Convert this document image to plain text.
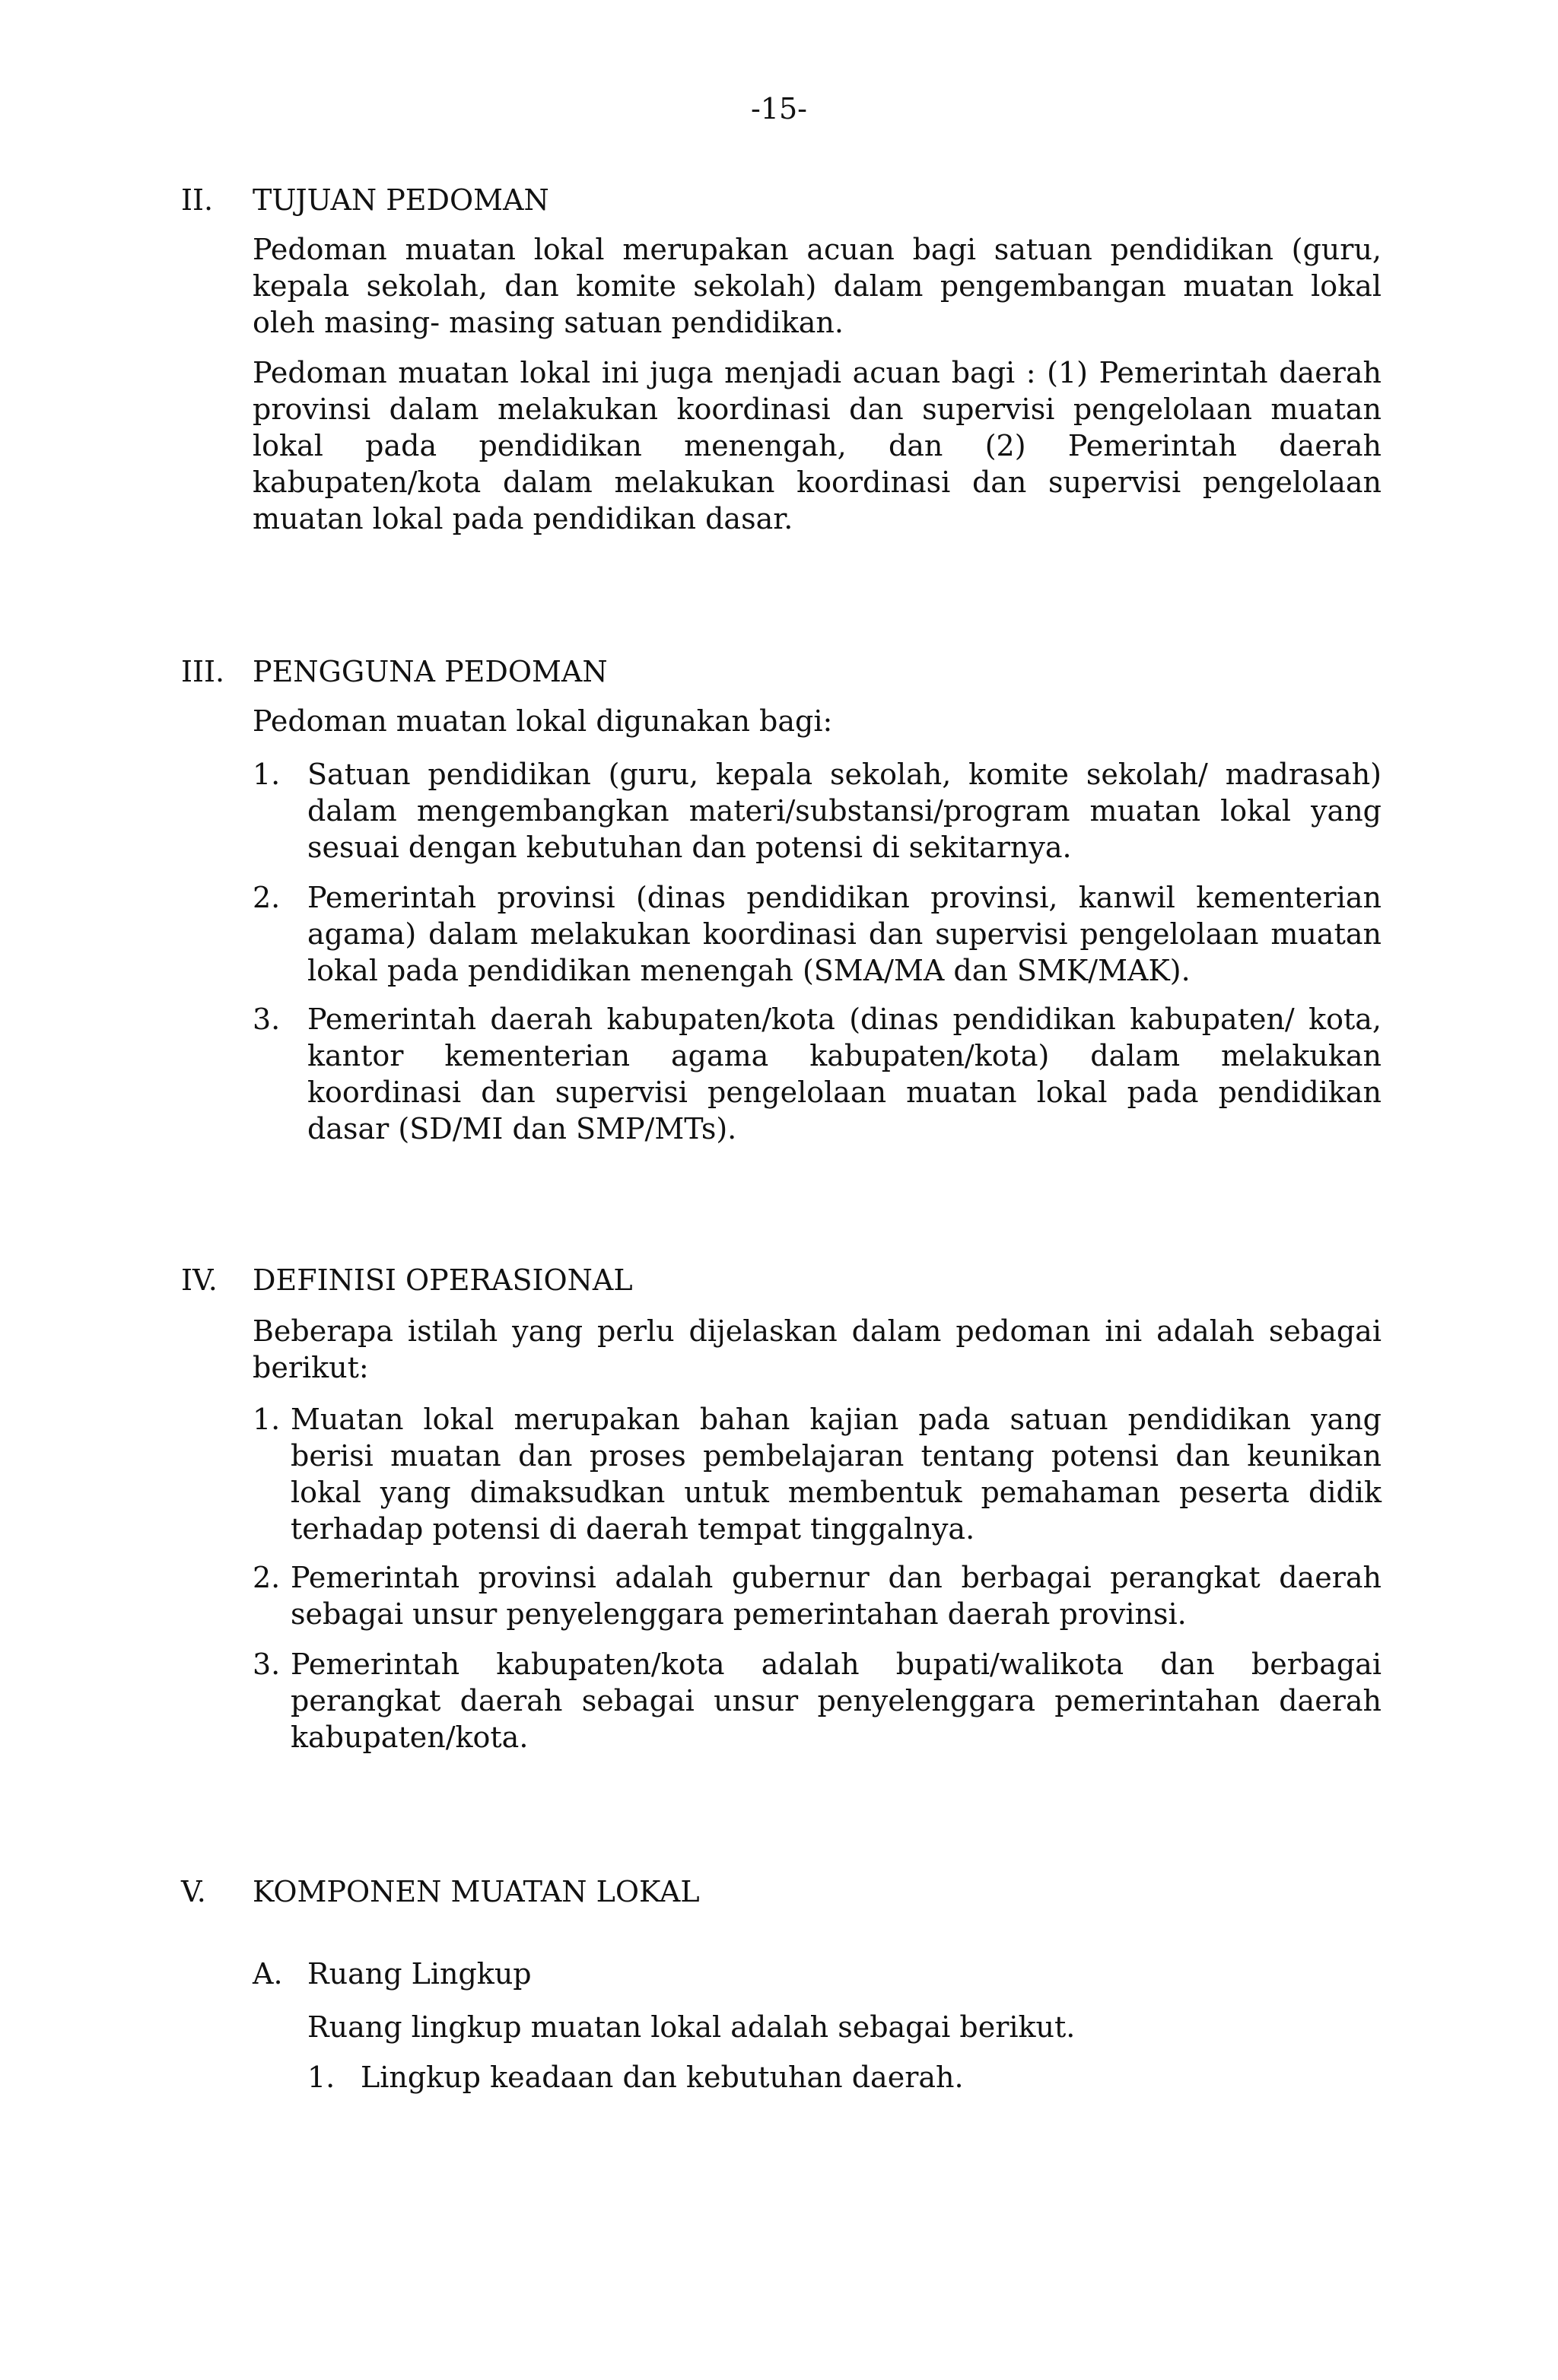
-15-
II. TUJUAN PEDOMAN

Pedoman muatan lokal merupakan acuan bagi satuan pendidikan (guru, kepala sekolah, dan komite sekolah) dalam pengembangan muatan lokal oleh masing- masing satuan pendidikan.

Pedoman muatan lokal ini juga menjadi acuan bagi : (1) Pemerintah daerah provinsi dalam melakukan koordinasi dan supervisi pengelolaan muatan lokal pada pendidikan menengah, dan (2) Pemerintah daerah kabupaten/kota dalam melakukan koordinasi dan supervisi pengelolaan muatan lokal pada pendidikan dasar.

III. PENGGUNA PEDOMAN

Pedoman muatan lokal digunakan bagi:

1. Satuan pendidikan (guru, kepala sekolah, komite sekolah/ madrasah) dalam mengembangkan materi/substansi/program muatan lokal yang sesuai dengan kebutuhan dan potensi di sekitarnya.

2. Pemerintah provinsi (dinas pendidikan provinsi, kanwil kementerian agama) dalam melakukan koordinasi dan supervisi pengelolaan muatan lokal pada pendidikan menengah (SMA/MA dan SMK/MAK).

3. Pemerintah daerah kabupaten/kota (dinas pendidikan kabupaten/ kota, kantor kementerian agama kabupaten/kota) dalam melakukan koordinasi dan supervisi pengelolaan muatan lokal pada pendidikan dasar (SD/MI dan SMP/MTs).

IV. DEFINISI OPERASIONAL

Beberapa istilah yang perlu dijelaskan dalam pedoman ini adalah sebagai berikut:

1. Muatan lokal merupakan bahan kajian pada satuan pendidikan yang berisi muatan dan proses pembelajaran tentang potensi dan keunikan lokal yang dimaksudkan untuk membentuk pemahaman peserta didik terhadap potensi di daerah tempat tinggalnya.

2. Pemerintah provinsi adalah gubernur dan berbagai perangkat daerah sebagai unsur penyelenggara pemerintahan daerah provinsi.

3. Pemerintah kabupaten/kota adalah bupati/walikota dan berbagai perangkat daerah sebagai unsur penyelenggara pemerintahan daerah kabupaten/kota.

V. KOMPONEN MUATAN LOKAL
A. Ruang Lingkup
Ruang lingkup muatan lokal adalah sebagai berikut.
1. Lingkup keadaan dan kebutuhan daerah.
